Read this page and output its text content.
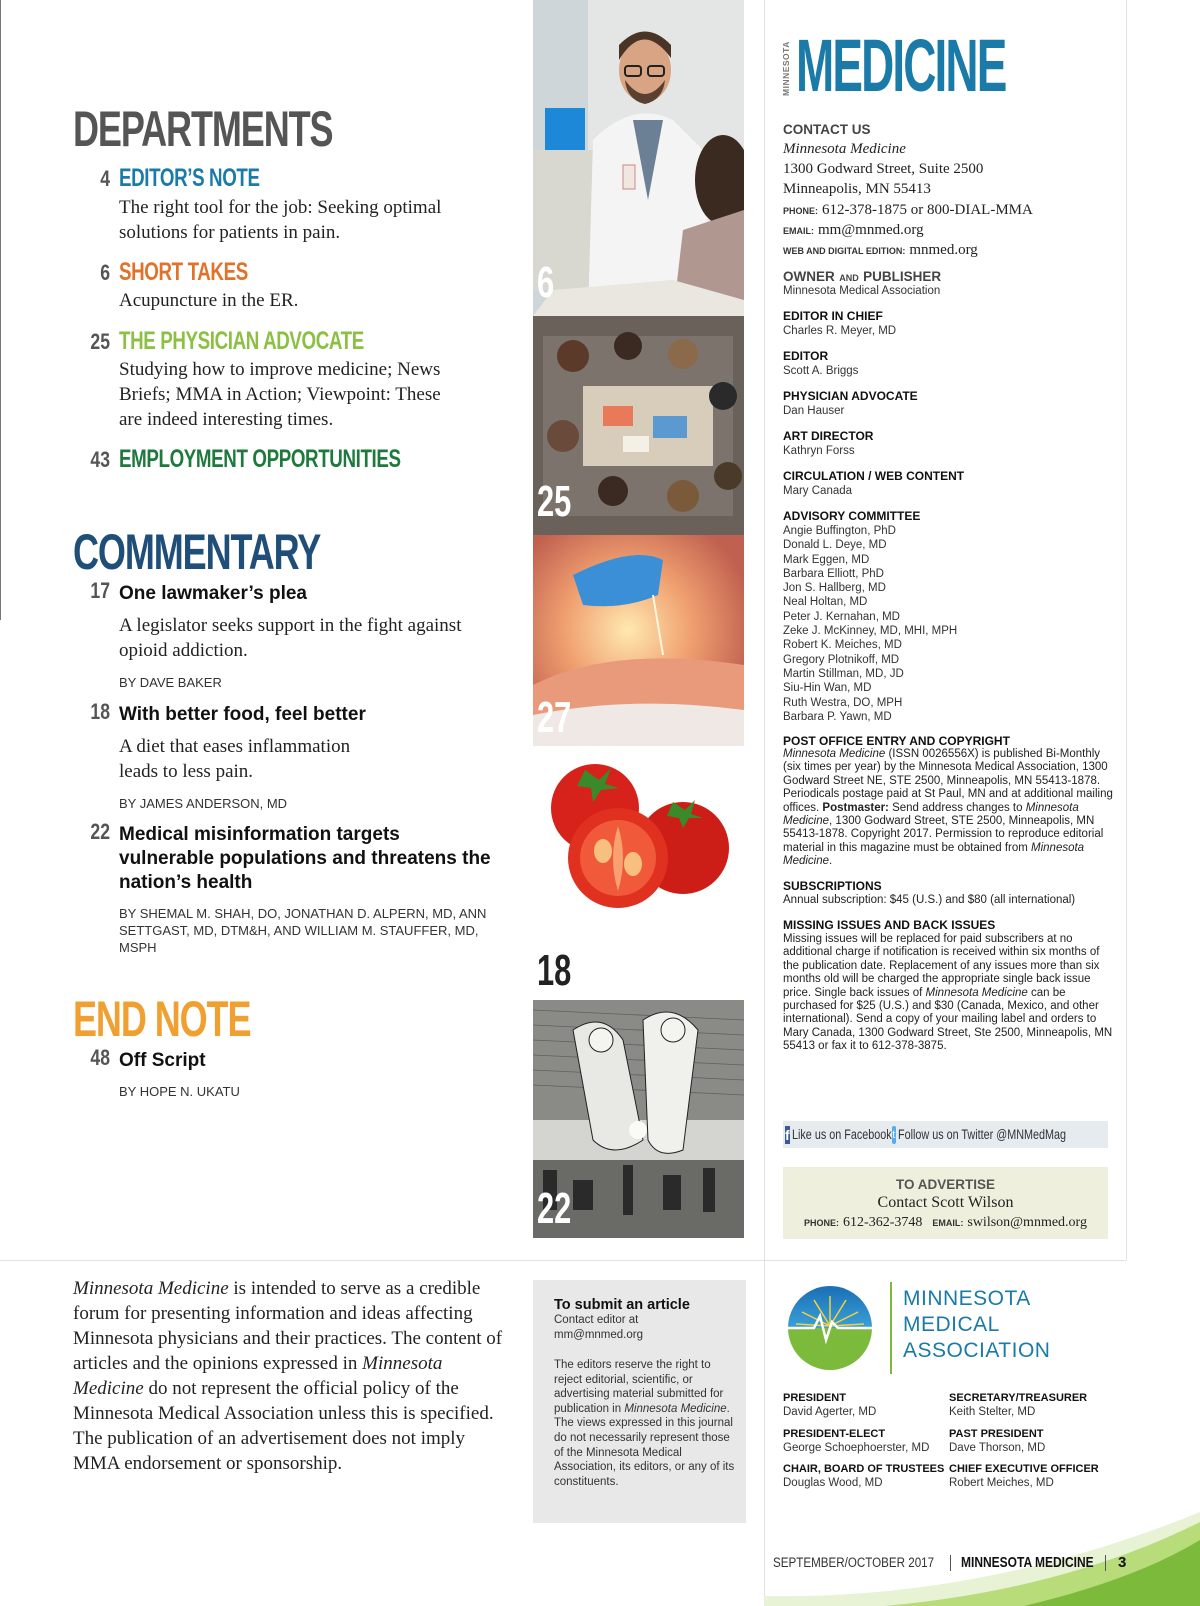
DEPARTMENTS
4 EDITOR’S NOTE
The right tool for the job: Seeking optimal solutions for patients in pain.
6 SHORT TAKES
Acupuncture in the ER.
25 THE PHYSICIAN ADVOCATE
Studying how to improve medicine; News Briefs; MMA in Action; Viewpoint: These are indeed interesting times.
43 EMPLOYMENT OPPORTUNITIES
COMMENTARY
17 One lawmaker’s plea
A legislator seeks support in the fight against opioid addiction.
BY DAVE BAKER
18 With better food, feel better
A diet that eases inflammation leads to less pain.
BY JAMES ANDERSON, MD
22 Medical misinformation targets vulnerable populations and threatens the nation’s health
BY SHEMAL M. SHAH, DO, JONATHAN D. ALPERN, MD, ANN SETTGAST, MD, DTM&H, AND WILLIAM M. STAUFFER, MD, MSPH
END NOTE
48 Off Script
BY HOPE N. UKATU
6
25
27
18
22
MINNESOTA MEDICINE
CONTACT US
Minnesota Medicine
1300 Godward Street, Suite 2500
Minneapolis, MN 55413
PHONE: 612-378-1875 or 800-DIAL-MMA
EMAIL: mm@mnmed.org
WEB AND DIGITAL EDITION: mnmed.org
OWNER AND PUBLISHER
Minnesota Medical Association
EDITOR IN CHIEF
Charles R. Meyer, MD
EDITOR
Scott A. Briggs
PHYSICIAN ADVOCATE
Dan Hauser
ART DIRECTOR
Kathryn Forss
CIRCULATION / WEB CONTENT
Mary Canada
ADVISORY COMMITTEE
Angie Buffington, PhD
Donald L. Deye, MD
Mark Eggen, MD
Barbara Elliott, PhD
Jon S. Hallberg, MD
Neal Holtan, MD
Peter J. Kernahan, MD
Zeke J. McKinney, MD, MHI, MPH
Robert K. Meiches, MD
Gregory Plotnikoff, MD
Martin Stillman, MD, JD
Siu-Hin Wan, MD
Ruth Westra, DO, MPH
Barbara P. Yawn, MD
POST OFFICE ENTRY AND COPYRIGHT
Minnesota Medicine (ISSN 0026556X) is published Bi-Monthly (six times per year) by the Minnesota Medical Association, 1300 Godward Street NE, STE 2500, Minneapolis, MN 55413-1878. Periodicals postage paid at St Paul, MN and at additional mailing offices. Postmaster: Send address changes to Minnesota Medicine, 1300 Godward Street, STE 2500, Minneapolis, MN 55413-1878. Copyright 2017. Permission to reproduce editorial material in this magazine must be obtained from Minnesota Medicine.
SUBSCRIPTIONS
Annual subscription: $45 (U.S.) and $80 (all international)
MISSING ISSUES AND BACK ISSUES
Missing issues will be replaced for paid subscribers at no additional charge if notification is received within six months of the publication date. Replacement of any issues more than six months old will be charged the appropriate single back issue price. Single back issues of Minnesota Medicine can be purchased for $25 (U.S.) and $30 (Canada, Mexico, and other international). Send a copy of your mailing label and orders to Mary Canada, 1300 Godward Street, Ste 2500, Minneapolis, MN 55413 or fax it to 612-378-3875.
f Like us on Facebook t Follow us on Twitter @MNMedMag
TO ADVERTISE
Contact Scott Wilson
PHONE: 612-362-3748 EMAIL: swilson@mnmed.org
Minnesota Medicine is intended to serve as a credible forum for presenting information and ideas affecting Minnesota physicians and their practices. The content of articles and the opinions expressed in Minnesota Medicine do not represent the official policy of the Minnesota Medical Association unless this is specified. The publication of an advertisement does not imply MMA endorsement or sponsorship.
To submit an article
Contact editor at
mm@mnmed.org
The editors reserve the right to reject editorial, scientific, or advertising material submitted for publication in Minnesota Medicine. The views expressed in this journal do not necessarily represent those of the Minnesota Medical Association, its editors, or any of its constituents.
MINNESOTA
MEDICAL
ASSOCIATION
PRESIDENT
David Agerter, MD
SECRETARY/TREASURER
Keith Stelter, MD
PRESIDENT-ELECT
George Schoephoerster, MD
PAST PRESIDENT
Dave Thorson, MD
CHAIR, BOARD OF TRUSTEES
Douglas Wood, MD
CHIEF EXECUTIVE OFFICER
Robert Meiches, MD
SEPTEMBER/OCTOBER 2017 MINNESOTA MEDICINE 3
